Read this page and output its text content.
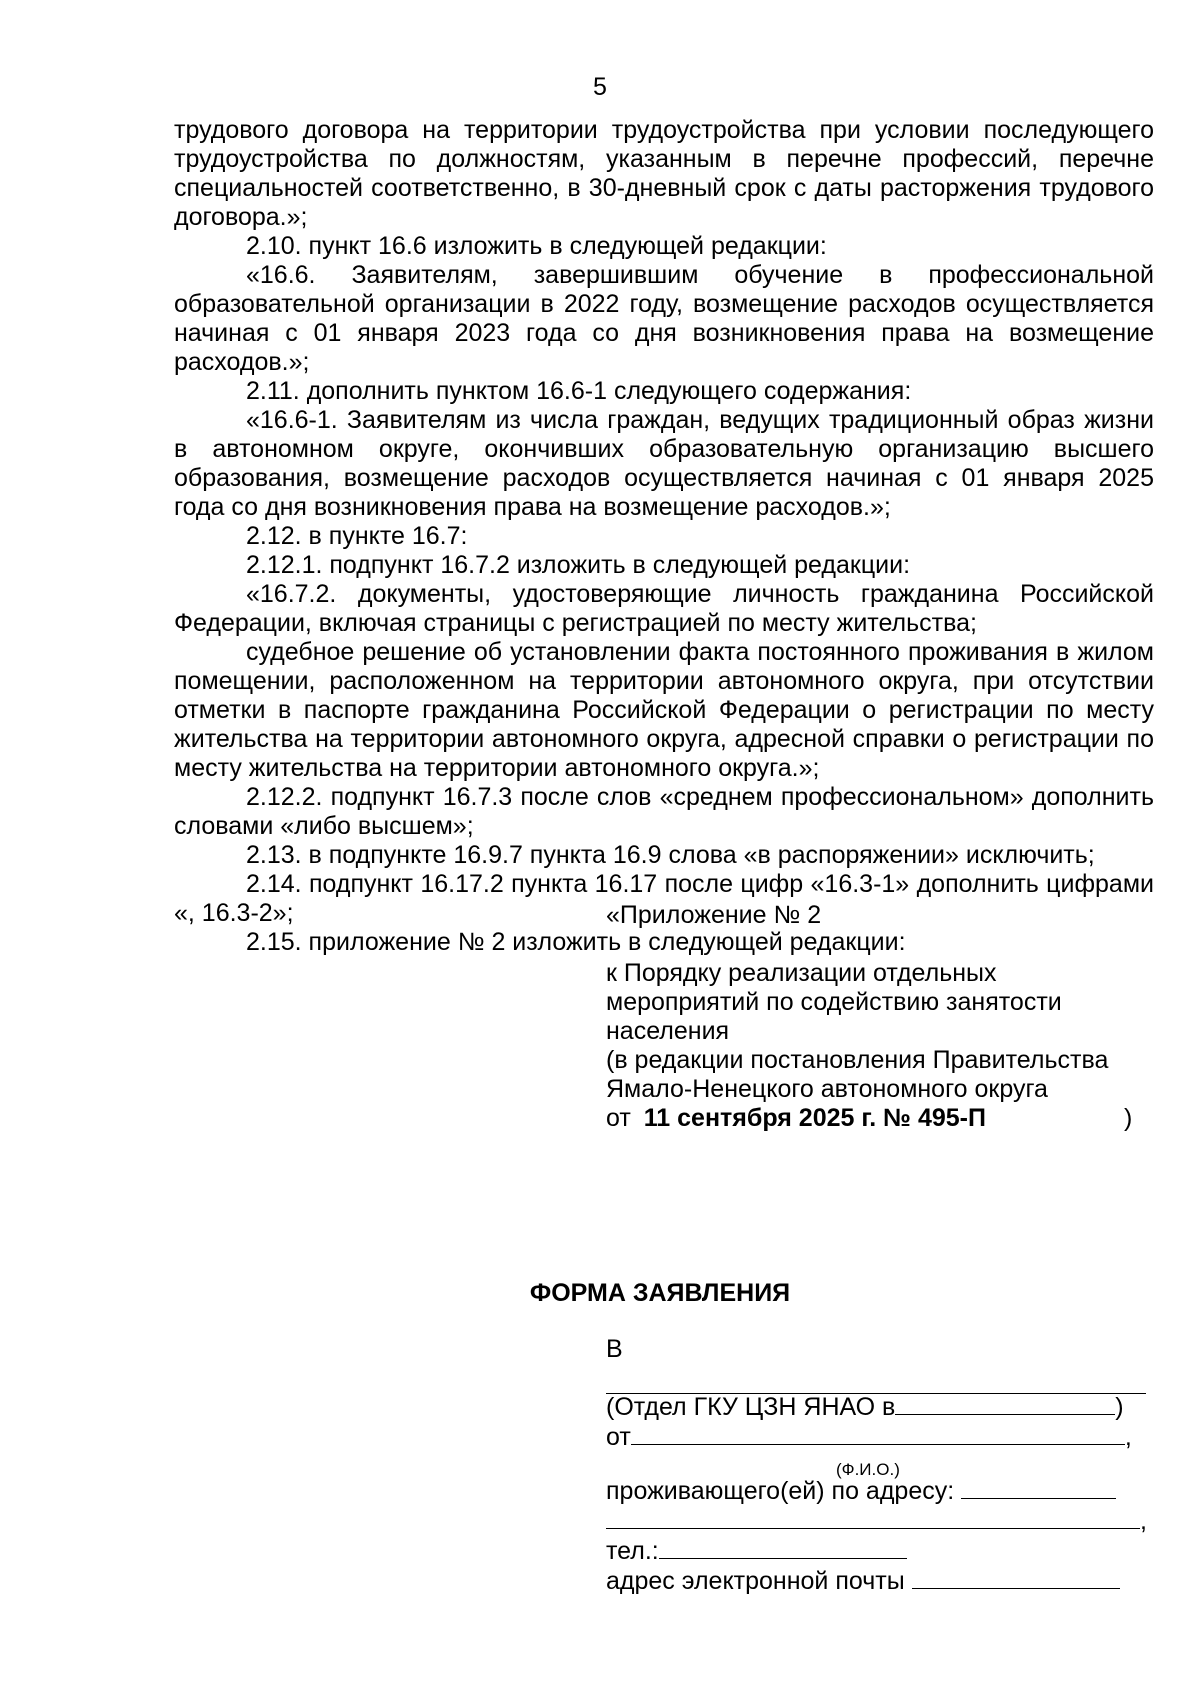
5

трудового договора на территории трудоустройства при условии последующего трудоустройства по должностям, указанным в перечне профессий, перечне специальностей соответственно, в 30-дневный срок с даты расторжения трудового договора.»;

2.10. пункт 16.6 изложить в следующей редакции:

«16.6. Заявителям, завершившим обучение в профессиональной образовательной организации в 2022 году, возмещение расходов осуществляется начиная с 01 января 2023 года со дня возникновения права на возмещение расходов.»;

2.11. дополнить пунктом 16.6-1 следующего содержания:

«16.6-1. Заявителям из числа граждан, ведущих традиционный образ жизни в автономном округе, окончивших образовательную организацию высшего образования, возмещение расходов осуществляется начиная с 01 января 2025 года со дня возникновения права на возмещение расходов.»;

2.12. в пункте 16.7:

2.12.1. подпункт 16.7.2 изложить в следующей редакции:

«16.7.2. документы, удостоверяющие личность гражданина Российской Федерации, включая страницы с регистрацией по месту жительства;

судебное решение об установлении факта постоянного проживания в жилом помещении, расположенном на территории автономного округа, при отсутствии отметки в паспорте гражданина Российской Федерации о регистрации по месту жительства на территории автономного округа, адресной справки о регистрации по месту жительства на территории автономного округа.»;

2.12.2. подпункт 16.7.3 после слов «среднем профессиональном» дополнить словами «либо высшем»;

2.13. в подпункте 16.9.7 пункта 16.9 слова «в распоряжении» исключить;

2.14. подпункт 16.17.2 пункта 16.17 после цифр «16.3-1» дополнить цифрами «, 16.3-2»;

2.15. приложение № 2 изложить в следующей редакции:

«Приложение № 2
к Порядку реализации отдельных
мероприятий по содействию занятости
населения
(в редакции постановления Правительства
Ямало-Ненецкого автономного округа
от 11 сентября 2025 г. № 495-П	)
ФОРМА ЗАЯВЛЕНИЯ
В
(Отдел ГКУ ЦЗН ЯНАО в	)
от	,
(Ф.И.О.)
проживающего(ей) по адресу:
,
тел.:
адрес электронной почты
